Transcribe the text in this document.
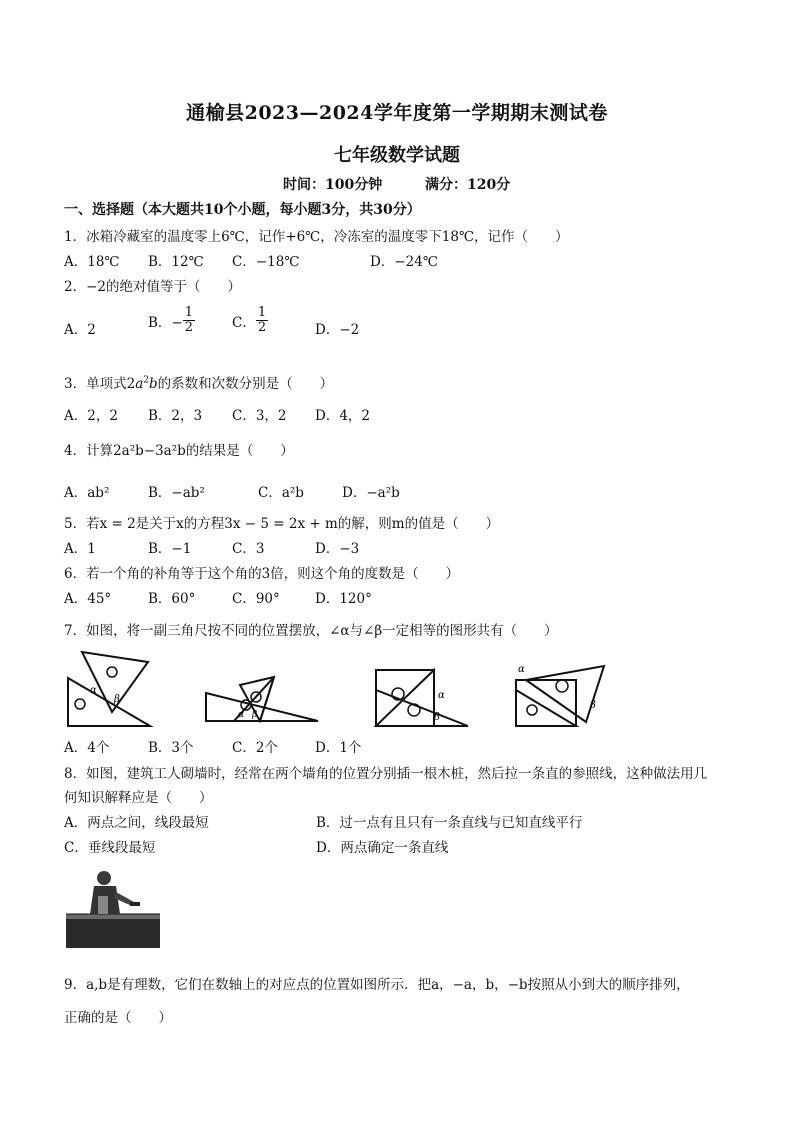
通榆县2023—2024学年度第一学期期末测试卷
七年级数学试题
时间：100分钟	满分：120分
一、选择题（本大题共10个小题，每小题3分，共30分）
1．冰箱冷藏室的温度零上6℃，记作+6℃，冷冻室的温度零下18℃，记作（　　）
A．18℃ B．12℃ C．−18℃	D．−24℃
2．−2的绝对值等于（　　）
A．2	B．− $\frac{1}{2}$	C． $\frac{1}{2}$	D．−2
3．单项式$2a^2b$的系数和次数分别是（　　）
A．2，2 B．2，3 C．3，2 D．4，2
4．计算2a²b−3a²b的结果是（　　）
A．ab²	B．−ab²	C．a²b	D．−a²b
5．若x = 2是关于x的方程3x − 5 = 2x + m的解，则m的值是（　　）
A．1	B．−1	C．3	D．−3
6．若一个角的补角等于这个角的3倍，则这个角的度数是（　　）
A．45°	B．60°	C．90°	D．120°
7．如图，将一副三角尺按不同的位置摆放，∠α与∠β一定相等的图形共有（　　）
α
β
α β
α
β
α
β
A．4个	B．3个	C．2个	D．1个
8．如图，建筑工人砌墙时，经常在两个墙角的位置分别插一根木桩，然后拉一条直的参照线，这种做法用几
何知识解释应是（　　）
A．两点之间，线段最短	B．过一点有且只有一条直线与已知直线平行
C．垂线段最短	D．两点确定一条直线
9．a,b是有理数，它们在数轴上的对应点的位置如图所示．把a，−a，b，−b按照从小到大的顺序排列，
正确的是（　　）
